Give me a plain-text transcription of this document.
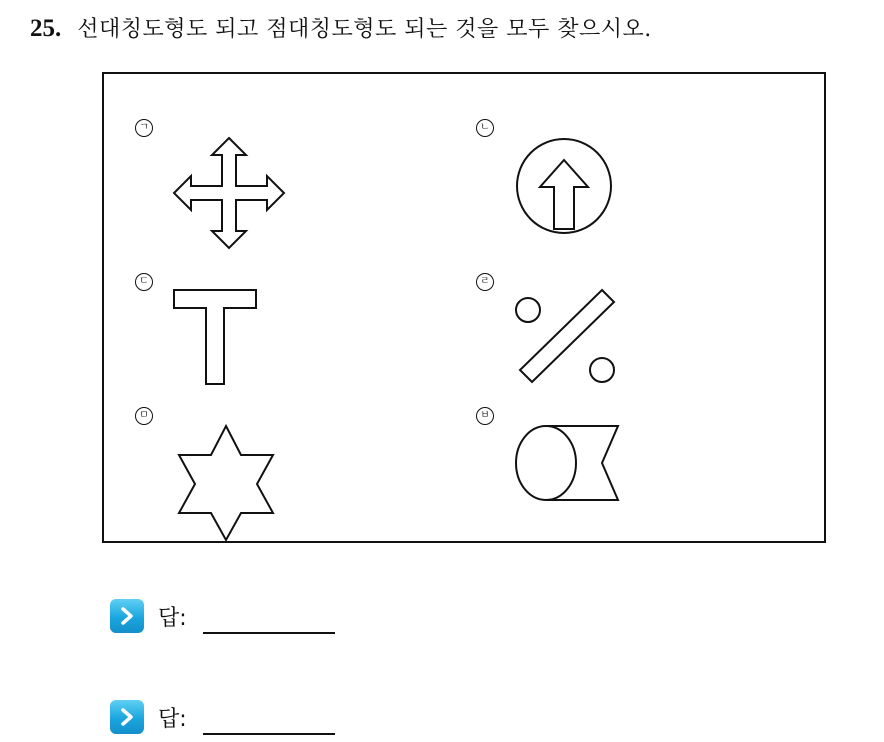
25. 선대칭도형도 되고 점대칭도형도 되는 것을 모두 찾으시오.
ㄱ	ㄴ
ㄷ	ㄹ
ㅁ	ㅂ
답:
답:
